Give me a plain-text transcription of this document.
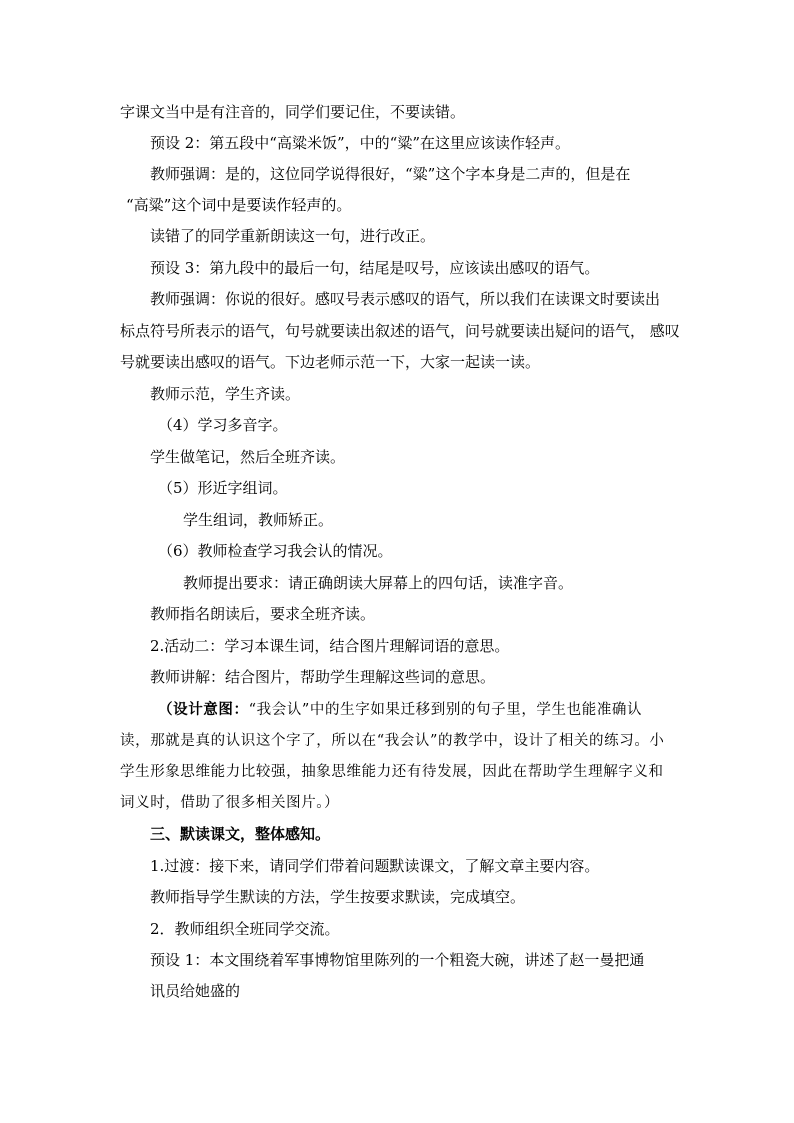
字课文当中是有注音的，同学们要记住，不要读错。

预设 2：第五段中“高粱米饭”，中的“粱”在这里应该读作轻声。

教师强调：是的，这位同学说得很好，“粱”这个字本身是二声的，但是在

“高粱”这个词中是要读作轻声的。

读错了的同学重新朗读这一句，进行改正。

预设 3：第九段中的最后一句，结尾是叹号，应该读出感叹的语气。

教师强调：你说的很好。感叹号表示感叹的语气，所以我们在读课文时要读出

标点符号所表示的语气，句号就要读出叙述的语气，问号就要读出疑问的语气， 感叹

号就要读出感叹的语气。下边老师示范一下，大家一起读一读。

教师示范，学生齐读。

（4）学习多音字。

学生做笔记，然后全班齐读。

（5）形近字组词。

学生组词，教师矫正。

（6）教师检查学习我会认的情况。

教师提出要求：请正确朗读大屏幕上的四句话，读准字音。

教师指名朗读后，要求全班齐读。

2.活动二：学习本课生词，结合图片理解词语的意思。

教师讲解：结合图片，帮助学生理解这些词的意思。

（设计意图：“我会认”中的生字如果迁移到别的句子里，学生也能准确认

读，那就是真的认识这个字了，所以在“我会认”的教学中，设计了相关的练习。小

学生形象思维能力比较强，抽象思维能力还有待发展，因此在帮助学生理解字义和

词义时，借助了很多相关图片。）

三、默读课文，整体感知。

1.过渡：接下来，请同学们带着问题默读课文，了解文章主要内容。

教师指导学生默读的方法，学生按要求默读，完成填空。

2．教师组织全班同学交流。

预设 1：本文围绕着军事博物馆里陈列的一个粗瓷大碗，讲述了赵一曼把通

讯员给她盛的
